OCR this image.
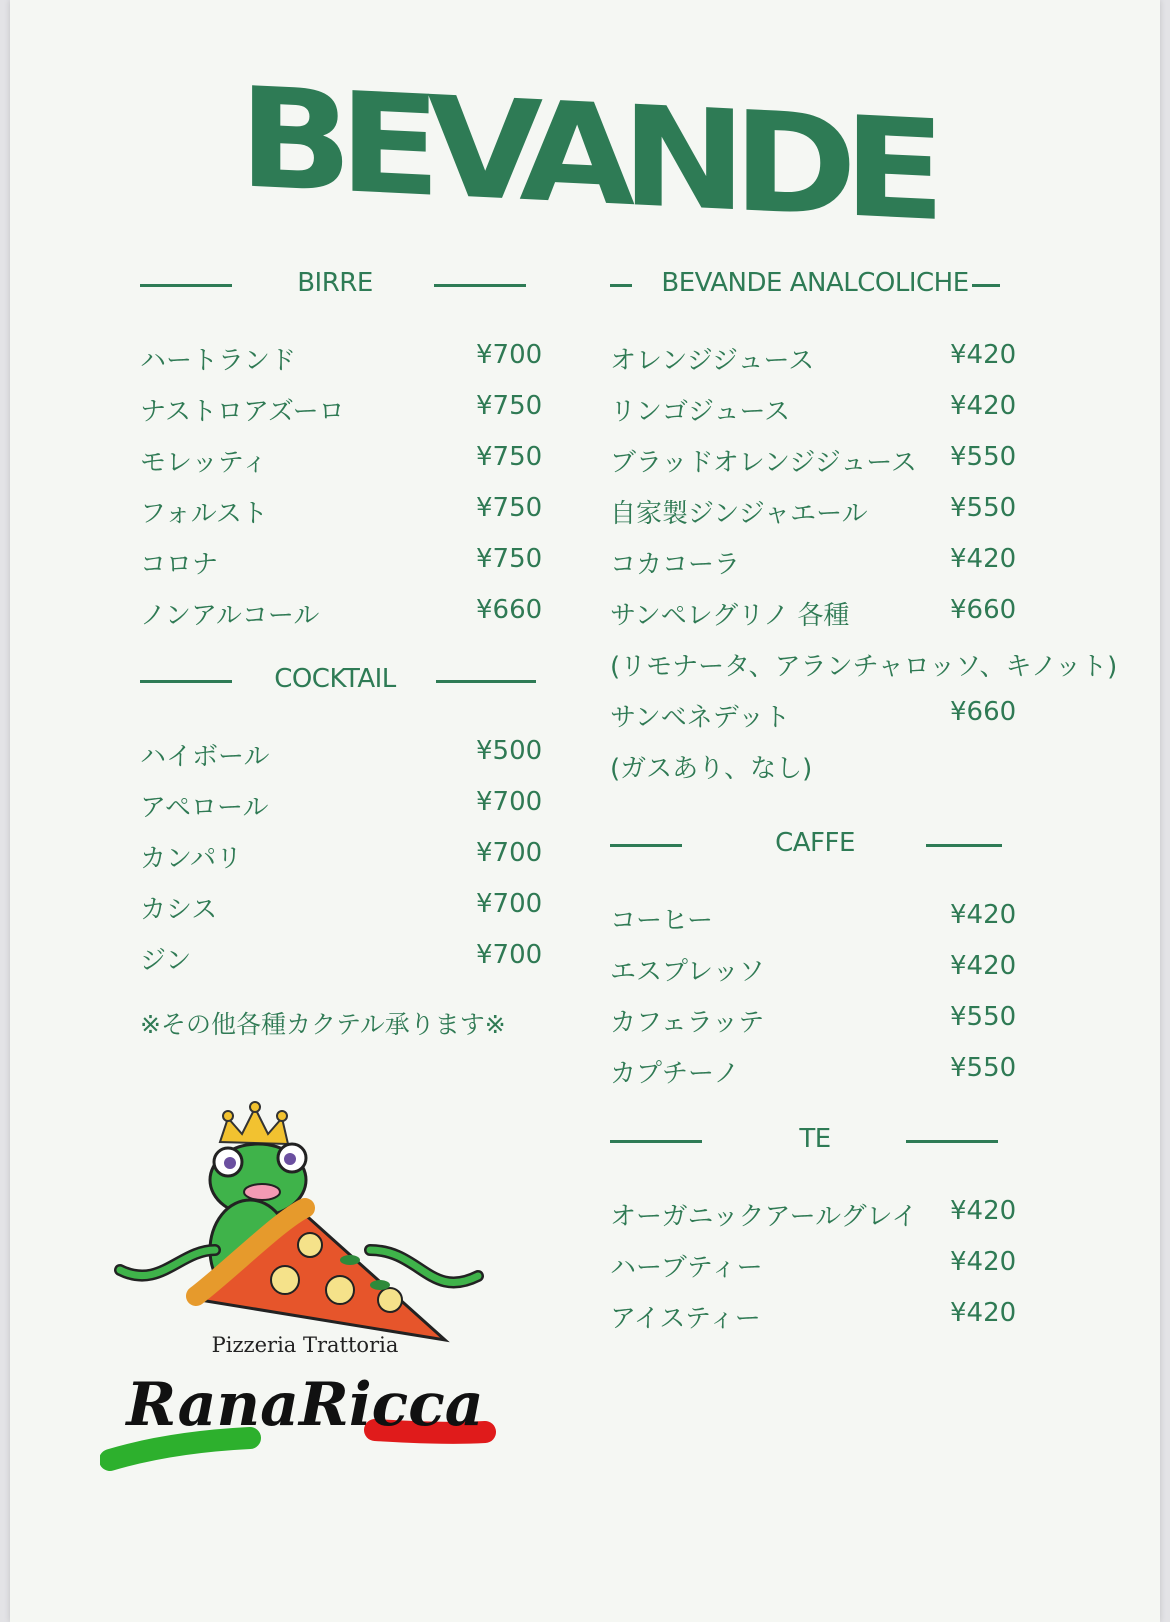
BEVANDE
BIRRE
ハートランド	¥700
ナストロアズーロ	¥750
モレッティ	¥750
フォルスト	¥750
コロナ	¥750
ノンアルコール	¥660
COCKTAIL
ハイボール	¥500
アペロール	¥700
カンパリ	¥700
カシス	¥700
ジン	¥700
※その他各種カクテル承ります※
BEVANDE ANALCOLICHE
オレンジジュース	¥420
リンゴジュース	¥420
ブラッドオレンジジュース ¥550
自家製ジンジャエール	¥550
コカコーラ	¥420
サンペレグリノ 各種	¥660
(リモナータ、アランチャロッソ、キノット)
サンベネデット	¥660
(ガスあり、なし)
CAFFE
コーヒー	¥420
エスプレッソ	¥420
カフェラッテ	¥550
カプチーノ	¥550
TE
オーガニックアールグレイ ¥420
ハーブティー	¥420
アイスティー	¥420
Pizzeria Trattoria
RanaRicca
